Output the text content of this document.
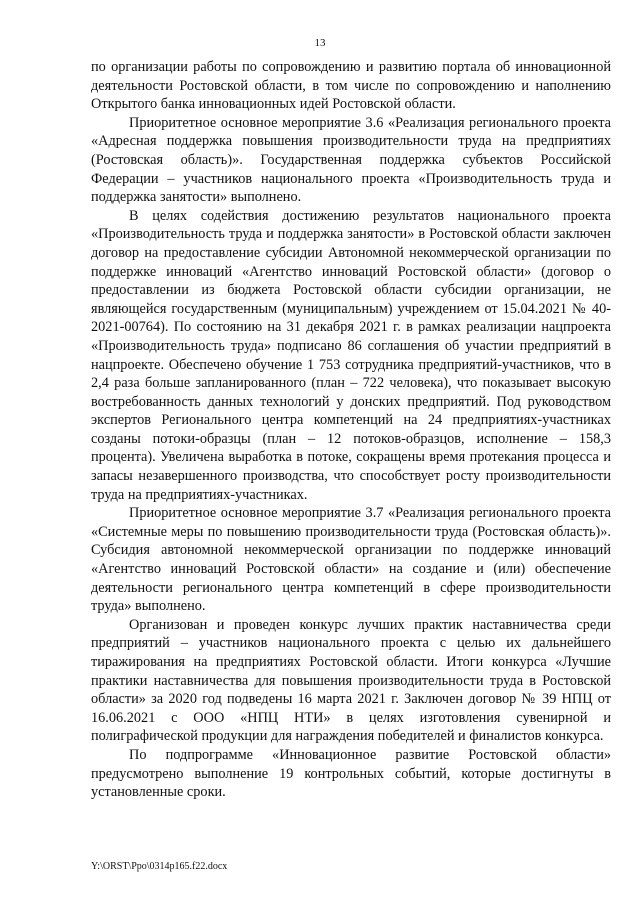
13

по организации работы по сопровождению и развитию портала об инновационной деятельности Ростовской области, в том числе по сопровождению и наполнению Открытого банка инновационных идей Ростовской области.

Приоритетное основное мероприятие 3.6 «Реализация регионального проекта «Адресная поддержка повышения производительности труда на предприятиях (Ростовская область)». Государственная поддержка субъектов Российской Федерации – участников национального проекта «Производительность труда и поддержка занятости» выполнено.

В целях содействия достижению результатов национального проекта «Производительность труда и поддержка занятости» в Ростовской области заключен договор на предоставление субсидии Автономной некоммерческой организации по поддержке инноваций «Агентство инноваций Ростовской области» (договор о предоставлении из бюджета Ростовской области субсидии организации, не являющейся государственным (муниципальным) учреждением от 15.04.2021 № 40-2021-00764). По состоянию на 31 декабря 2021 г. в рамках реализации нацпроекта «Производительность труда» подписано 86 соглашения об участии предприятий в нацпроекте. Обеспечено обучение 1 753 сотрудника предприятий-участников, что в 2,4 раза больше запланированного (план – 722 человека), что показывает высокую востребованность данных технологий у донских предприятий. Под руководством экспертов Регионального центра компетенций на 24 предприятиях-участниках созданы потоки-образцы (план – 12 потоков-образцов, исполнение – 158,3 процента). Увеличена выработка в потоке, сокращены время протекания процесса и запасы незавершенного производства, что способствует росту производительности труда на предприятиях-участниках.

Приоритетное основное мероприятие 3.7 «Реализация регионального проекта «Системные меры по повышению производительности труда (Ростовская область)». Субсидия автономной некоммерческой организации по поддержке инноваций «Агентство инноваций Ростовской области» на создание и (или) обеспечение деятельности регионального центра компетенций в сфере производительности труда» выполнено.

Организован и проведен конкурс лучших практик наставничества среди предприятий – участников национального проекта с целью их дальнейшего тиражирования на предприятиях Ростовской области. Итоги конкурса «Лучшие практики наставничества для повышения производительности труда в Ростовской области» за 2020 год подведены 16 марта 2021 г. Заключен договор № 39 НПЦ от 16.06.2021 с ООО «НПЦ НТИ» в целях изготовления сувенирной и полиграфической продукции для награждения победителей и финалистов конкурса.

По подпрограмме «Инновационное развитие Ростовской области» предусмотрено выполнение 19 контрольных событий, которые достигнуты в установленные сроки.

Y:\ORST\Ppo\0314p165.f22.docx
